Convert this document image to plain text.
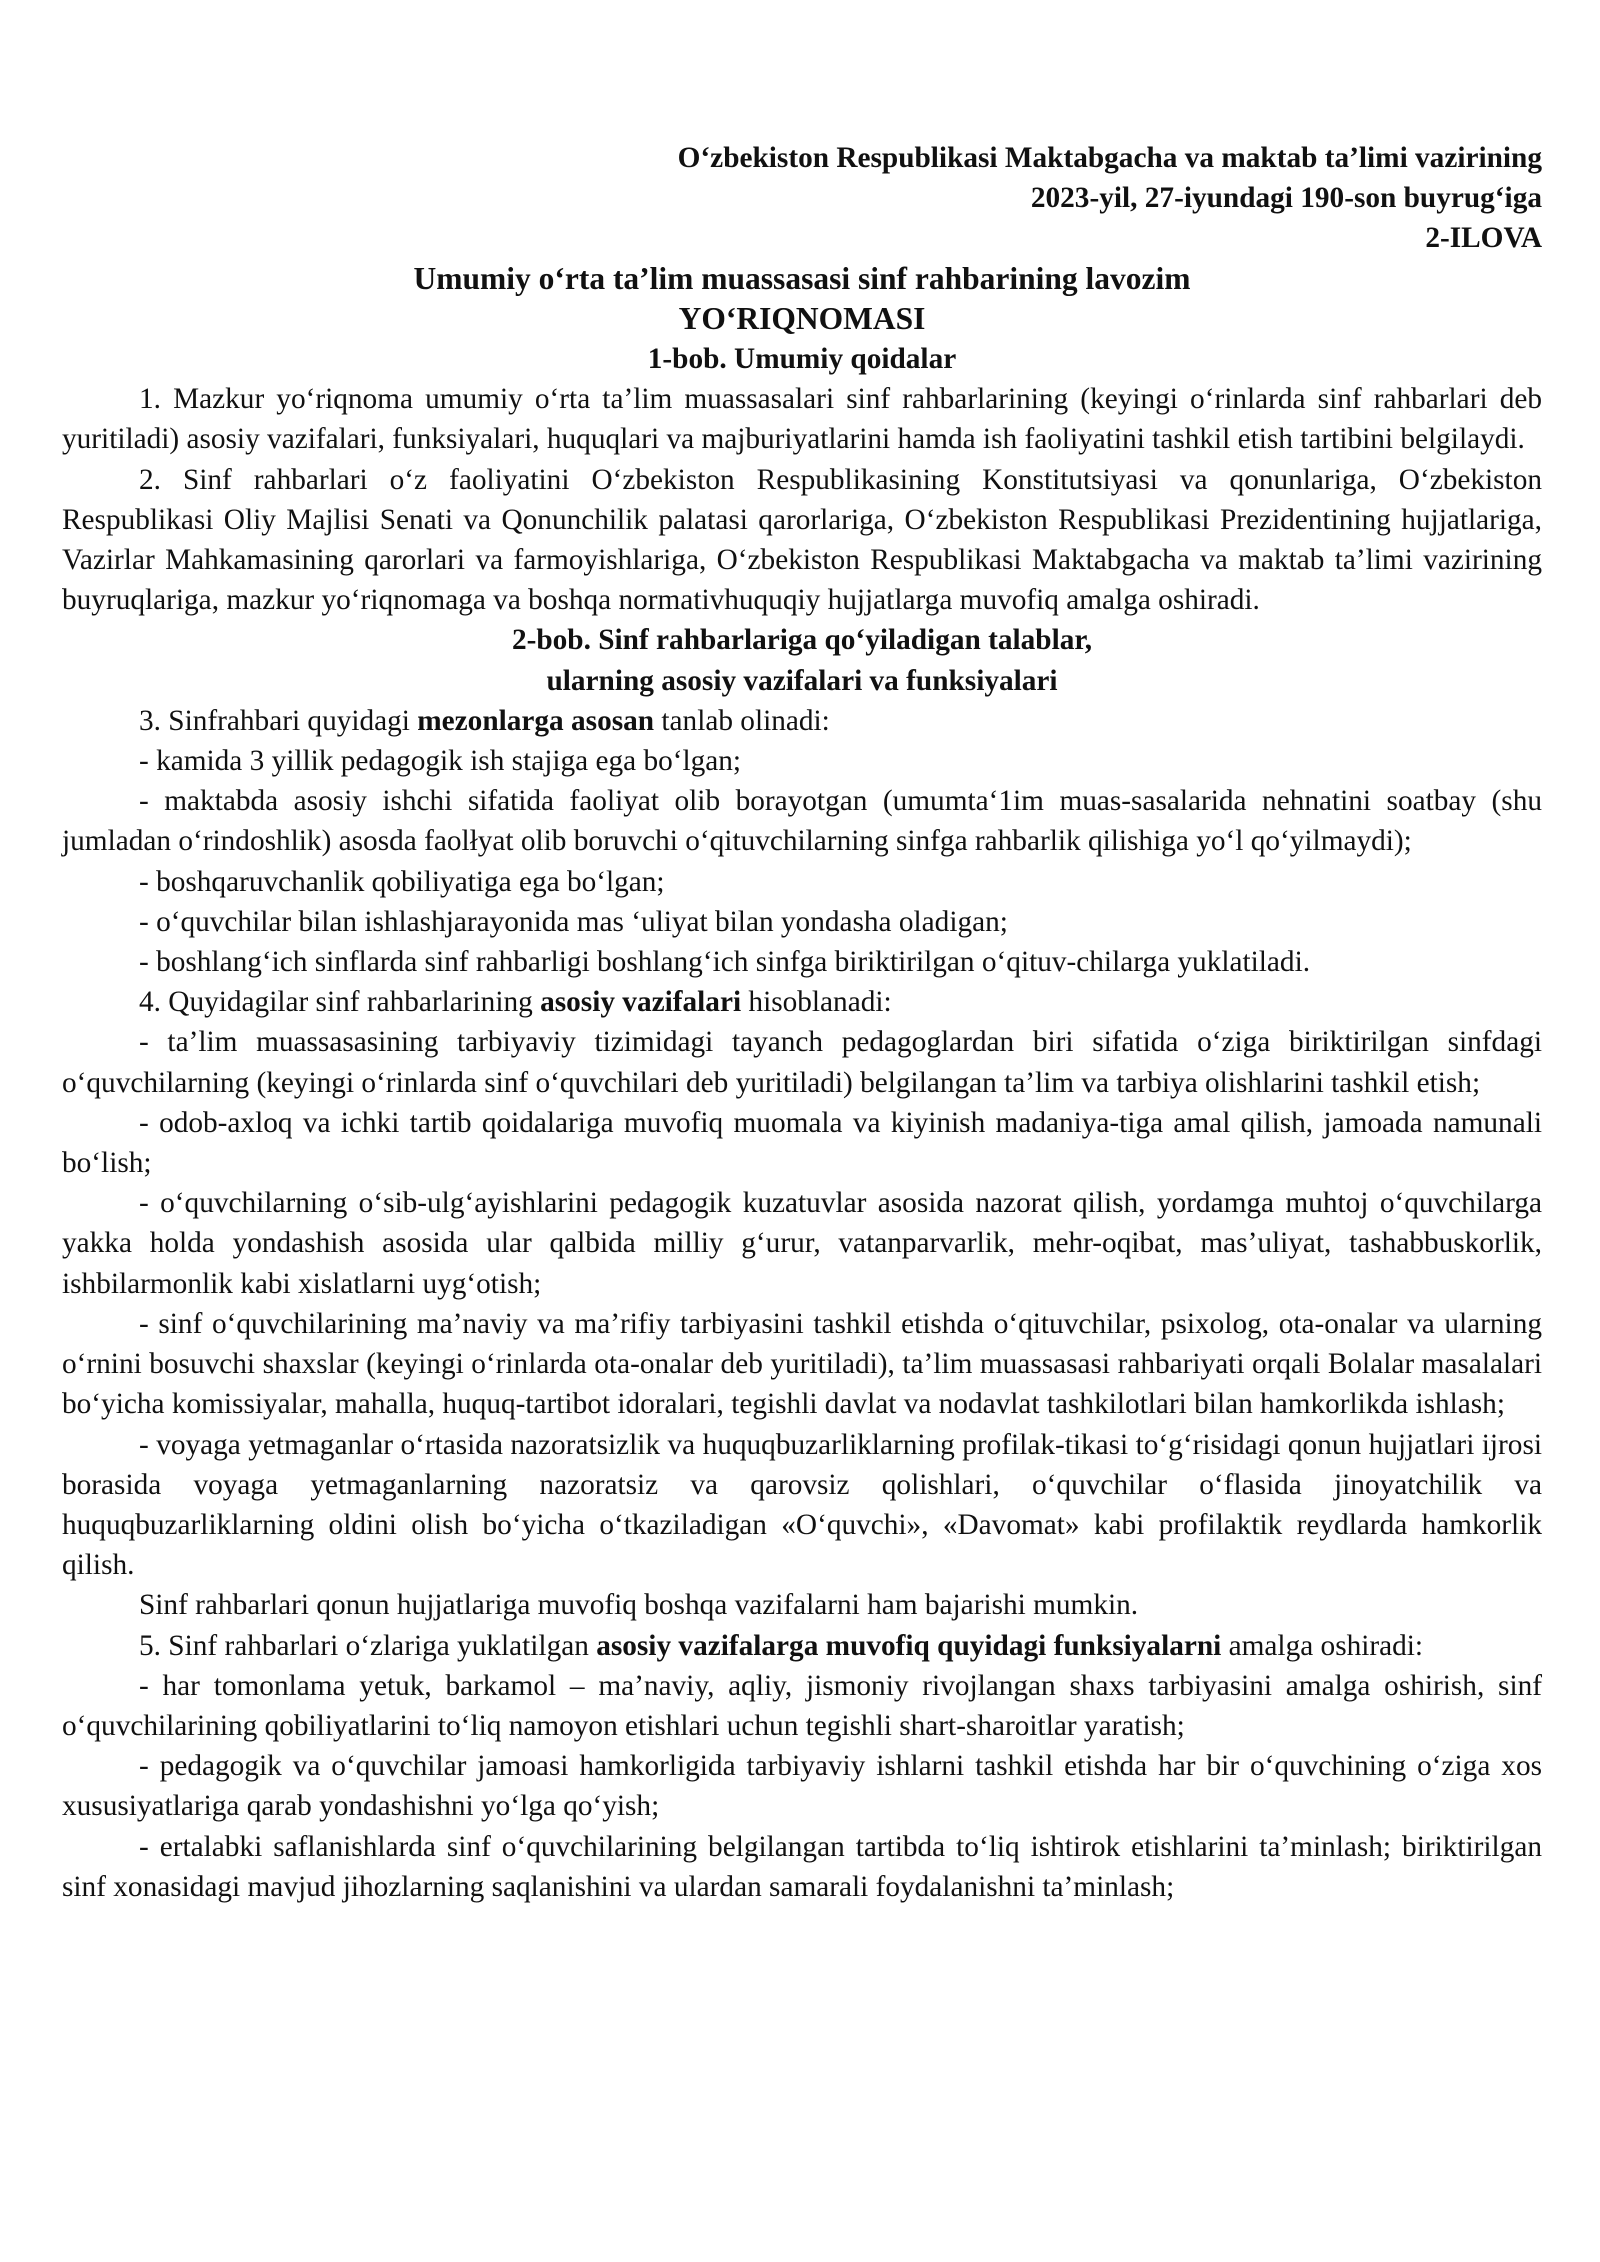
O‘zbekiston Respublikasi Maktabgacha va maktab ta’limi vazirining
2023-yil, 27-iyundagi 190-son buyrug‘iga
2-ILOVA
Umumiy o‘rta ta’lim muassasasi sinf rahbarining lavozim
YO‘RIQNOMASI
1-bob. Umumiy qoidalar

1. Mazkur yo‘riqnoma umumiy o‘rta ta’lim muassasalari sinf rahbarlarining (keyingi o‘rinlarda sinf rahbarlari deb yuritiladi) asosiy vazifalari, funksiyalari, huquqlari va majburiyatlarini hamda ish faoliyatini tashkil etish tartibini belgilaydi.

2. Sinf rahbarlari o‘z faoliyatini O‘zbekiston Respublikasining Konstitutsiyasi va qonunlariga, O‘zbekiston Respublikasi Oliy Majlisi Senati va Qonunchilik palatasi qarorlariga, O‘zbekiston Respublikasi Prezidentining hujjatlariga, Vazirlar Mahkamasining qarorlari va farmoyishlariga, O‘zbekiston Respublikasi Maktabgacha va maktab ta’limi vazirining buyruqlariga, mazkur yo‘riqnomaga va boshqa normativhuquqiy hujjatlarga muvofiq amalga oshiradi.

2-bob. Sinf rahbarlariga qo‘yiladigan talablar,
ularning asosiy vazifalari va funksiyalari

3. Sinfrahbari quyidagi mezonlarga asosan tanlab olinadi:

- kamida 3 yillik pedagogik ish stajiga ega bo‘lgan;

- maktabda asosiy ishchi sifatida faoliyat olib borayotgan (umumta‘1im muas-sasalarida nehnatini soatbay (shu jumladan o‘rindoshlik) asosda faolłyat olib boruvchi o‘qituvchilarning sinfga rahbarlik qilishiga yo‘l qo‘yilmaydi);

- boshqaruvchanlik qobiliyatiga ega bo‘lgan;

- o‘quvchilar bilan ishlashjarayonida mas ‘uliyat bilan yondasha oladigan;

- boshlang‘ich sinflarda sinf rahbarligi boshlang‘ich sinfga biriktirilgan o‘qituv-chilarga yuklatiladi.

4. Quyidagilar sinf rahbarlarining asosiy vazifalari hisoblanadi:

- ta’lim muassasasining tarbiyaviy tizimidagi tayanch pedagoglardan biri sifatida o‘ziga biriktirilgan sinfdagi o‘quvchilarning (keyingi o‘rinlarda sinf o‘quvchilari deb yuritiladi) belgilangan ta’lim va tarbiya olishlarini tashkil etish;

- odob-axloq va ichki tartib qoidalariga muvofiq muomala va kiyinish madaniya-tiga amal qilish, jamoada namunali bo‘lish;

- o‘quvchilarning o‘sib-ulg‘ayishlarini pedagogik kuzatuvlar asosida nazorat qilish, yordamga muhtoj o‘quvchilarga yakka holda yondashish asosida ular qalbida milliy g‘urur, vatanparvarlik, mehr-oqibat, mas’uliyat, tashabbuskorlik, ishbilarmonlik kabi xislatlarni uyg‘otish;

- sinf o‘quvchilarining ma’naviy va ma’rifiy tarbiyasini tashkil etishda o‘qituvchilar, psixolog, ota-onalar va ularning o‘rnini bosuvchi shaxslar (keyingi o‘rinlarda ota-onalar deb yuritiladi), ta’lim muassasasi rahbariyati orqali Bolalar masalalari bo‘yicha komissiyalar, mahalla, huquq-tartibot idoralari, tegishli davlat va nodavlat tashkilotlari bilan hamkorlikda ishlash;

- voyaga yetmaganlar o‘rtasida nazoratsizlik va huquqbuzarliklarning profilak-tikasi to‘g‘risidagi qonun hujjatlari ijrosi borasida voyaga yetmaganlarning nazoratsiz va qarovsiz qolishlari, o‘quvchilar o‘flasida jinoyatchilik va huquqbuzarliklarning oldini olish bo‘yicha o‘tkaziladigan «O‘quvchi», «Davomat» kabi profilaktik reydlarda hamkorlik qilish.

Sinf rahbarlari qonun hujjatlariga muvofiq boshqa vazifalarni ham bajarishi mumkin.

5. Sinf rahbarlari o‘zlariga yuklatilgan asosiy vazifalarga muvofiq quyidagi funksiyalarni amalga oshiradi:

- har tomonlama yetuk, barkamol – ma’naviy, aqliy, jismoniy rivojlangan shaxs tarbiyasini amalga oshirish, sinf o‘quvchilarining qobiliyatlarini to‘liq namoyon etishlari uchun tegishli shart-sharoitlar yaratish;

- pedagogik va o‘quvchilar jamoasi hamkorligida tarbiyaviy ishlarni tashkil etishda har bir o‘quvchining o‘ziga xos xususiyatlariga qarab yondashishni yo‘lga qo‘yish;

- ertalabki saflanishlarda sinf o‘quvchilarining belgilangan tartibda to‘liq ishtirok etishlarini ta’minlash; biriktirilgan sinf xonasidagi mavjud jihozlarning saqlanishini va ulardan samarali foydalanishni ta’minlash;
